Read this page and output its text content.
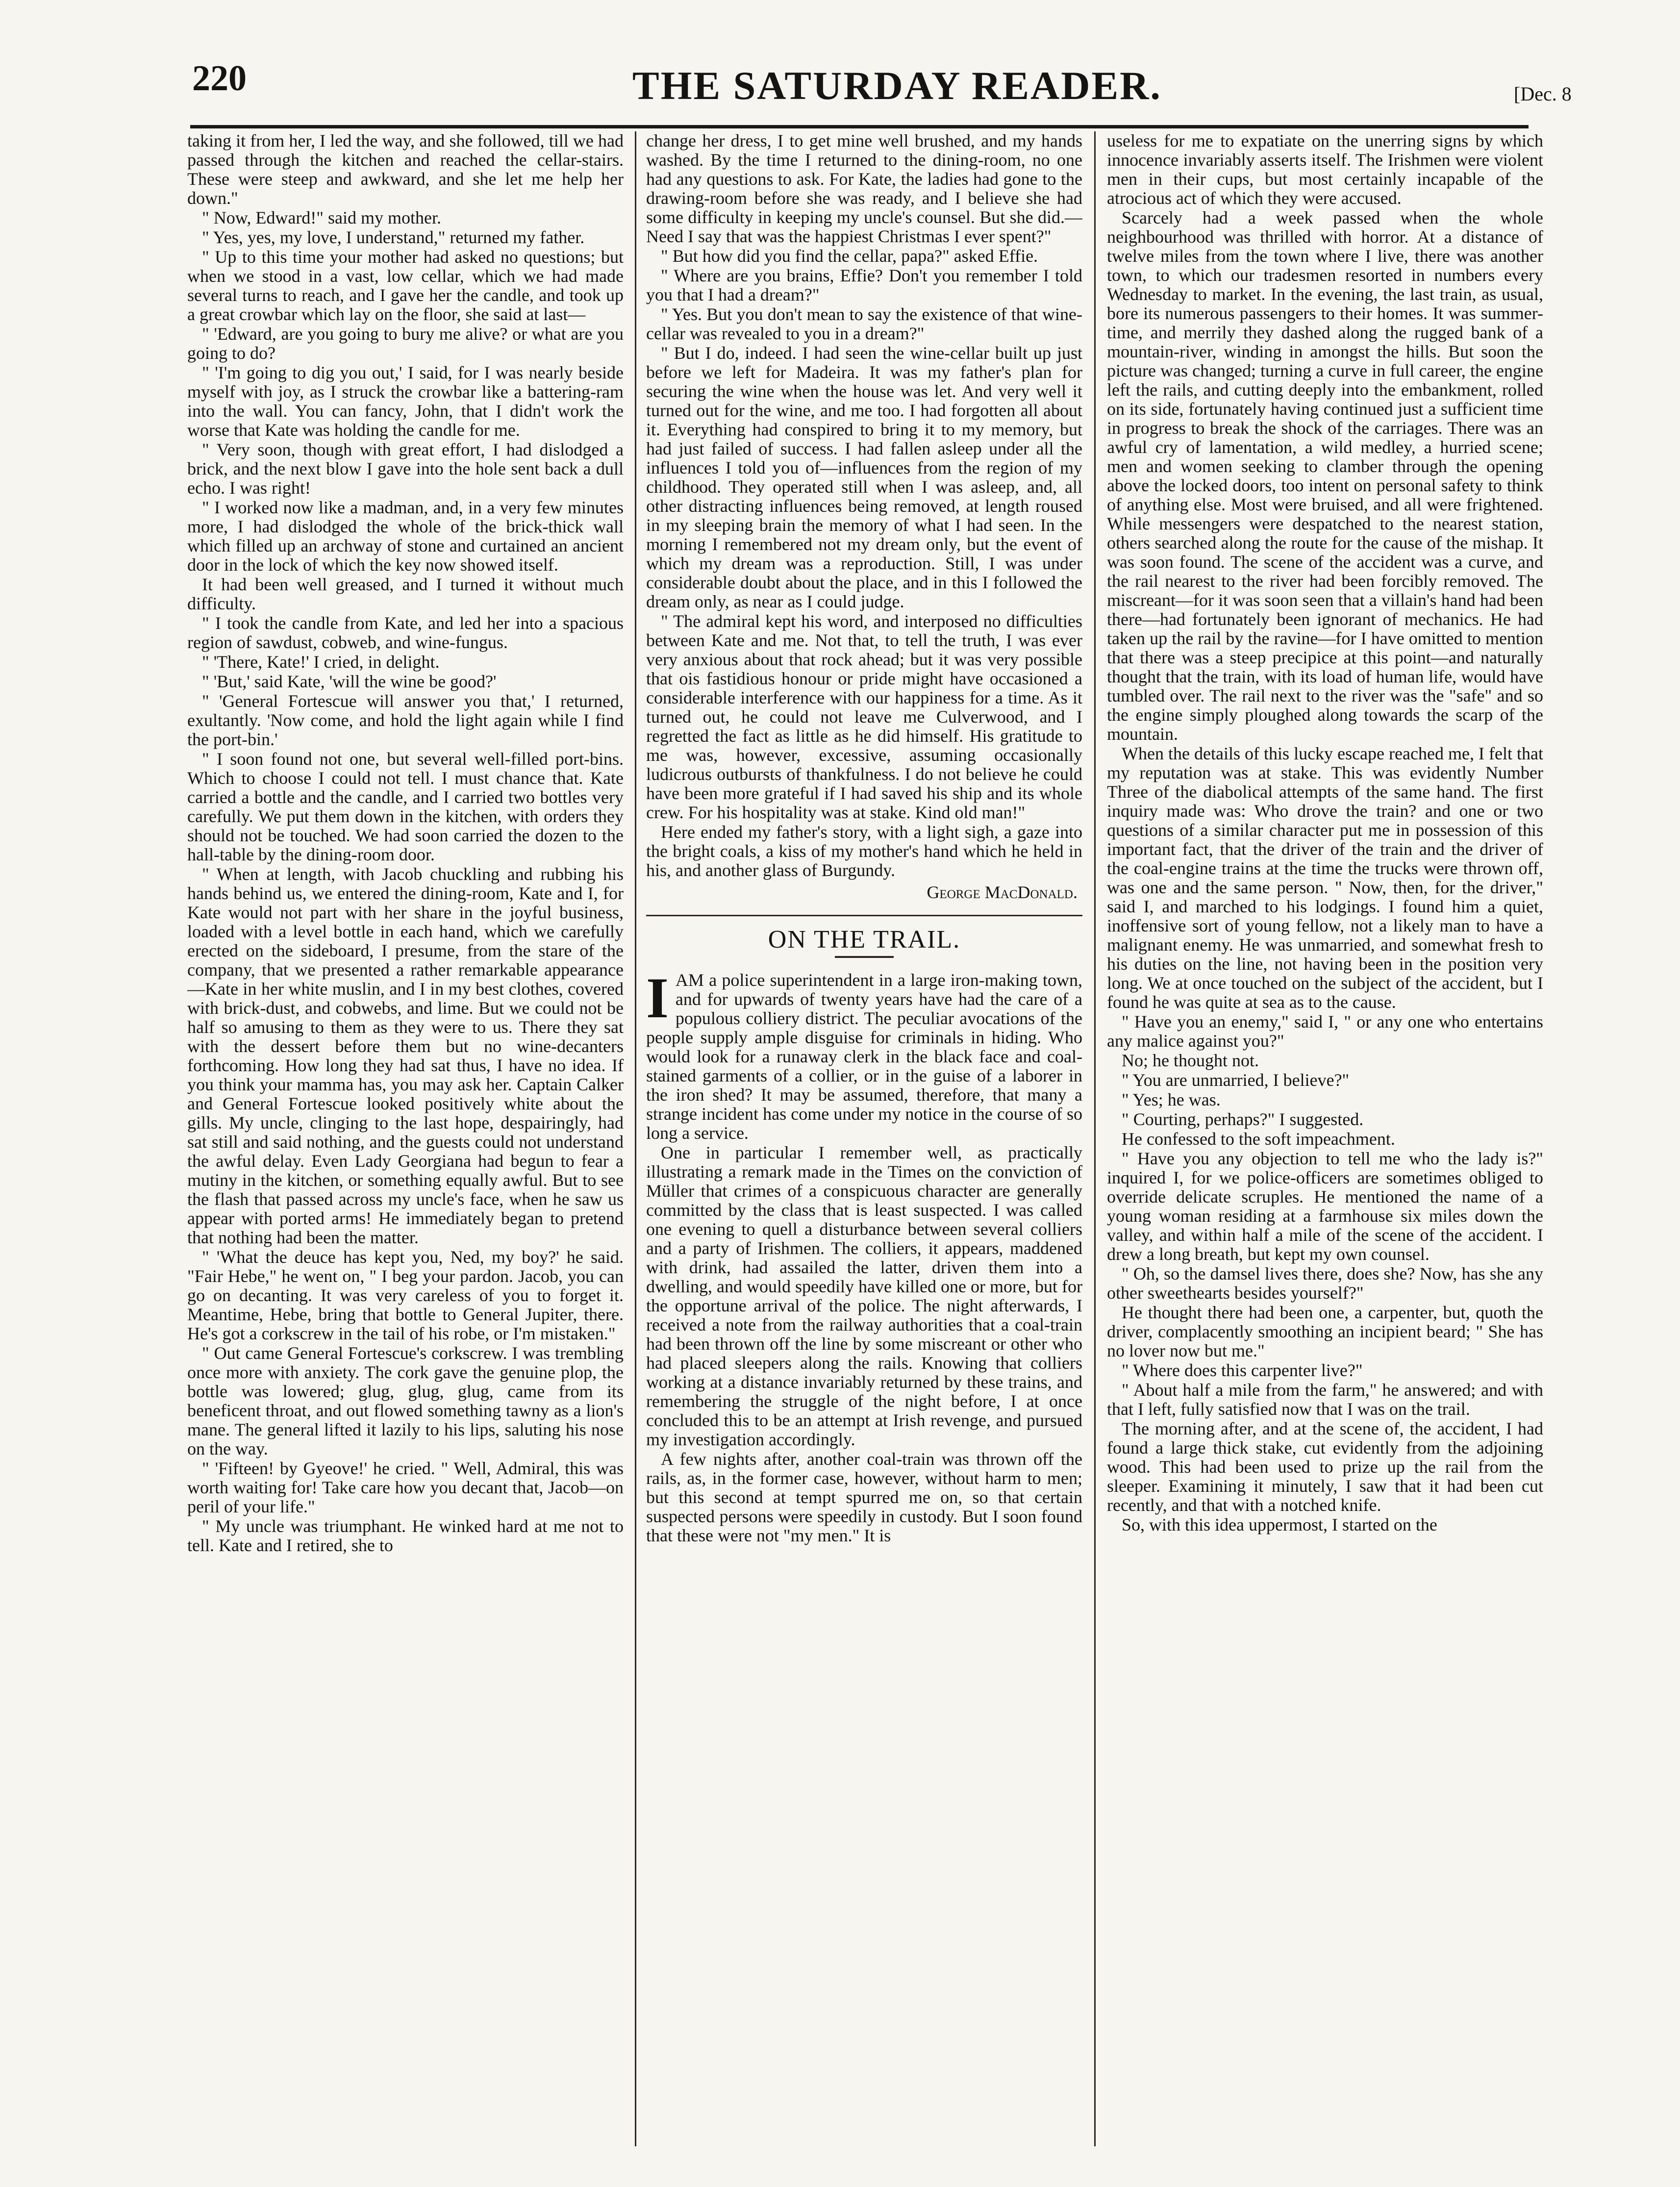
220	THE SATURDAY READER.	[Dec. 8

taking it from her, I led the way, and she followed, till we had passed through the kitchen and reached the cellar-stairs. These were steep and awkward, and she let me help her down."

" Now, Edward!" said my mother.

" Yes, yes, my love, I understand," returned my father.

" Up to this time your mother had asked no questions; but when we stood in a vast, low cellar, which we had made several turns to reach, and I gave her the candle, and took up a great crowbar which lay on the floor, she said at last—

" 'Edward, are you going to bury me alive? or what are you going to do?

" 'I'm going to dig you out,' I said, for I was nearly beside myself with joy, as I struck the crowbar like a battering-ram into the wall. You can fancy, John, that I didn't work the worse that Kate was holding the candle for me.

" Very soon, though with great effort, I had dislodged a brick, and the next blow I gave into the hole sent back a dull echo. I was right!

" I worked now like a madman, and, in a very few minutes more, I had dislodged the whole of the brick-thick wall which filled up an archway of stone and curtained an ancient door in the lock of which the key now showed itself.

It had been well greased, and I turned it without much difficulty.

" I took the candle from Kate, and led her into a spacious region of sawdust, cobweb, and wine-fungus.

" 'There, Kate!' I cried, in delight.

" 'But,' said Kate, 'will the wine be good?'

" 'General Fortescue will answer you that,' I returned, exultantly. 'Now come, and hold the light again while I find the port-bin.'

" I soon found not one, but several well-filled port-bins. Which to choose I could not tell. I must chance that. Kate carried a bottle and the candle, and I carried two bottles very carefully. We put them down in the kitchen, with orders they should not be touched. We had soon carried the dozen to the hall-table by the dining-room door.

" When at length, with Jacob chuckling and rubbing his hands behind us, we entered the dining-room, Kate and I, for Kate would not part with her share in the joyful business, loaded with a level bottle in each hand, which we carefully erected on the sideboard, I presume, from the stare of the company, that we presented a rather remarkable appearance—Kate in her white muslin, and I in my best clothes, covered with brick-dust, and cobwebs, and lime. But we could not be half so amusing to them as they were to us. There they sat with the dessert before them but no wine-decanters forthcoming. How long they had sat thus, I have no idea. If you think your mamma has, you may ask her. Captain Calker and General Fortescue looked positively white about the gills. My uncle, clinging to the last hope, despairingly, had sat still and said nothing, and the guests could not understand the awful delay. Even Lady Georgiana had begun to fear a mutiny in the kitchen, or something equally awful. But to see the flash that passed across my uncle's face, when he saw us appear with ported arms! He immediately began to pretend that nothing had been the matter.

" 'What the deuce has kept you, Ned, my boy?' he said. "Fair Hebe," he went on, " I beg your pardon. Jacob, you can go on decanting. It was very careless of you to forget it. Meantime, Hebe, bring that bottle to General Jupiter, there. He's got a corkscrew in the tail of his robe, or I'm mistaken."

" Out came General Fortescue's corkscrew. I was trembling once more with anxiety. The cork gave the genuine plop, the bottle was lowered; glug, glug, glug, came from its beneficent throat, and out flowed something tawny as a lion's mane. The general lifted it lazily to his lips, saluting his nose on the way.

" 'Fifteen! by Gyeove!' he cried. " Well, Admiral, this was worth waiting for! Take care how you decant that, Jacob—on peril of your life."

" My uncle was triumphant. He winked hard at me not to tell. Kate and I retired, she to

change her dress, I to get mine well brushed, and my hands washed. By the time I returned to the dining-room, no one had any questions to ask. For Kate, the ladies had gone to the drawing-room before she was ready, and I believe she had some difficulty in keeping my uncle's counsel. But she did.—Need I say that was the happiest Christmas I ever spent?"

" But how did you find the cellar, papa?" asked Effie.

" Where are you brains, Effie? Don't you remember I told you that I had a dream?"

" Yes. But you don't mean to say the existence of that wine-cellar was revealed to you in a dream?"

" But I do, indeed. I had seen the wine-cellar built up just before we left for Madeira. It was my father's plan for securing the wine when the house was let. And very well it turned out for the wine, and me too. I had forgotten all about it. Everything had conspired to bring it to my memory, but had just failed of success. I had fallen asleep under all the influences I told you of—influences from the region of my childhood. They operated still when I was asleep, and, all other distracting influences being removed, at length roused in my sleeping brain the memory of what I had seen. In the morning I remembered not my dream only, but the event of which my dream was a reproduction. Still, I was under considerable doubt about the place, and in this I followed the dream only, as near as I could judge.

" The admiral kept his word, and interposed no difficulties between Kate and me. Not that, to tell the truth, I was ever very anxious about that rock ahead; but it was very possible that ois fastidious honour or pride might have occasioned a considerable interference with our happiness for a time. As it turned out, he could not leave me Culverwood, and I regretted the fact as little as he did himself. His gratitude to me was, however, excessive, assuming occasionally ludicrous outbursts of thankfulness. I do not believe he could have been more grateful if I had saved his ship and its whole crew. For his hospitality was at stake. Kind old man!"

Here ended my father's story, with a light sigh, a gaze into the bright coals, a kiss of my mother's hand which he held in his, and another glass of Burgundy.

George MacDonald.
ON THE TRAIL.

IAM a police superintendent in a large iron-making town, and for upwards of twenty years have had the care of a populous colliery district. The peculiar avocations of the people supply ample disguise for criminals in hiding. Who would look for a runaway clerk in the black face and coal-stained garments of a collier, or in the guise of a laborer in the iron shed? It may be assumed, therefore, that many a strange incident has come under my notice in the course of so long a service.

One in particular I remember well, as practically illustrating a remark made in the Times on the conviction of Müller that crimes of a conspicuous character are generally committed by the class that is least suspected. I was called one evening to quell a disturbance between several colliers and a party of Irishmen. The colliers, it appears, maddened with drink, had assailed the latter, driven them into a dwelling, and would speedily have killed one or more, but for the opportune arrival of the police. The night afterwards, I received a note from the railway authorities that a coal-train had been thrown off the line by some miscreant or other who had placed sleepers along the rails. Knowing that colliers working at a distance invariably returned by these trains, and remembering the struggle of the night before, I at once concluded this to be an attempt at Irish revenge, and pursued my investigation accordingly.

A few nights after, another coal-train was thrown off the rails, as, in the former case, however, without harm to men; but this second at tempt spurred me on, so that certain suspected persons were speedily in custody. But I soon found that these were not "my men." It is

useless for me to expatiate on the unerring signs by which innocence invariably asserts itself. The Irishmen were violent men in their cups, but most certainly incapable of the atrocious act of which they were accused.

Scarcely had a week passed when the whole neighbourhood was thrilled with horror. At a distance of twelve miles from the town where I live, there was another town, to which our tradesmen resorted in numbers every Wednesday to market. In the evening, the last train, as usual, bore its numerous passengers to their homes. It was summer-time, and merrily they dashed along the rugged bank of a mountain-river, winding in amongst the hills. But soon the picture was changed; turning a curve in full career, the engine left the rails, and cutting deeply into the embankment, rolled on its side, fortunately having continued just a sufficient time in progress to break the shock of the carriages. There was an awful cry of lamentation, a wild medley, a hurried scene; men and women seeking to clamber through the opening above the locked doors, too intent on personal safety to think of anything else. Most were bruised, and all were frightened. While messengers were despatched to the nearest station, others searched along the route for the cause of the mishap. It was soon found. The scene of the accident was a curve, and the rail nearest to the river had been forcibly removed. The miscreant—for it was soon seen that a villain's hand had been there—had fortunately been ignorant of mechanics. He had taken up the rail by the ravine—for I have omitted to mention that there was a steep precipice at this point—and naturally thought that the train, with its load of human life, would have tumbled over. The rail next to the river was the "safe" and so the engine simply ploughed along towards the scarp of the mountain.

When the details of this lucky escape reached me, I felt that my reputation was at stake. This was evidently Number Three of the diabolical attempts of the same hand. The first inquiry made was: Who drove the train? and one or two questions of a similar character put me in possession of this important fact, that the driver of the train and the driver of the coal-engine trains at the time the trucks were thrown off, was one and the same person. " Now, then, for the driver," said I, and marched to his lodgings. I found him a quiet, inoffensive sort of young fellow, not a likely man to have a malignant enemy. He was unmarried, and somewhat fresh to his duties on the line, not having been in the position very long. We at once touched on the subject of the accident, but I found he was quite at sea as to the cause.

" Have you an enemy," said I, " or any one who entertains any malice against you?"

No; he thought not.

" You are unmarried, I believe?"

" Yes; he was.

" Courting, perhaps?" I suggested.

He confessed to the soft impeachment.

" Have you any objection to tell me who the lady is?" inquired I, for we police-officers are sometimes obliged to override delicate scruples. He mentioned the name of a young woman residing at a farmhouse six miles down the valley, and within half a mile of the scene of the accident. I drew a long breath, but kept my own counsel.

" Oh, so the damsel lives there, does she? Now, has she any other sweethearts besides yourself?"

He thought there had been one, a carpenter, but, quoth the driver, complacently smoothing an incipient beard; " She has no lover now but me."

" Where does this carpenter live?"

" About half a mile from the farm," he answered; and with that I left, fully satisfied now that I was on the trail.

The morning after, and at the scene of, the accident, I had found a large thick stake, cut evidently from the adjoining wood. This had been used to prize up the rail from the sleeper. Examining it minutely, I saw that it had been cut recently, and that with a notched knife.

So, with this idea uppermost, I started on the
